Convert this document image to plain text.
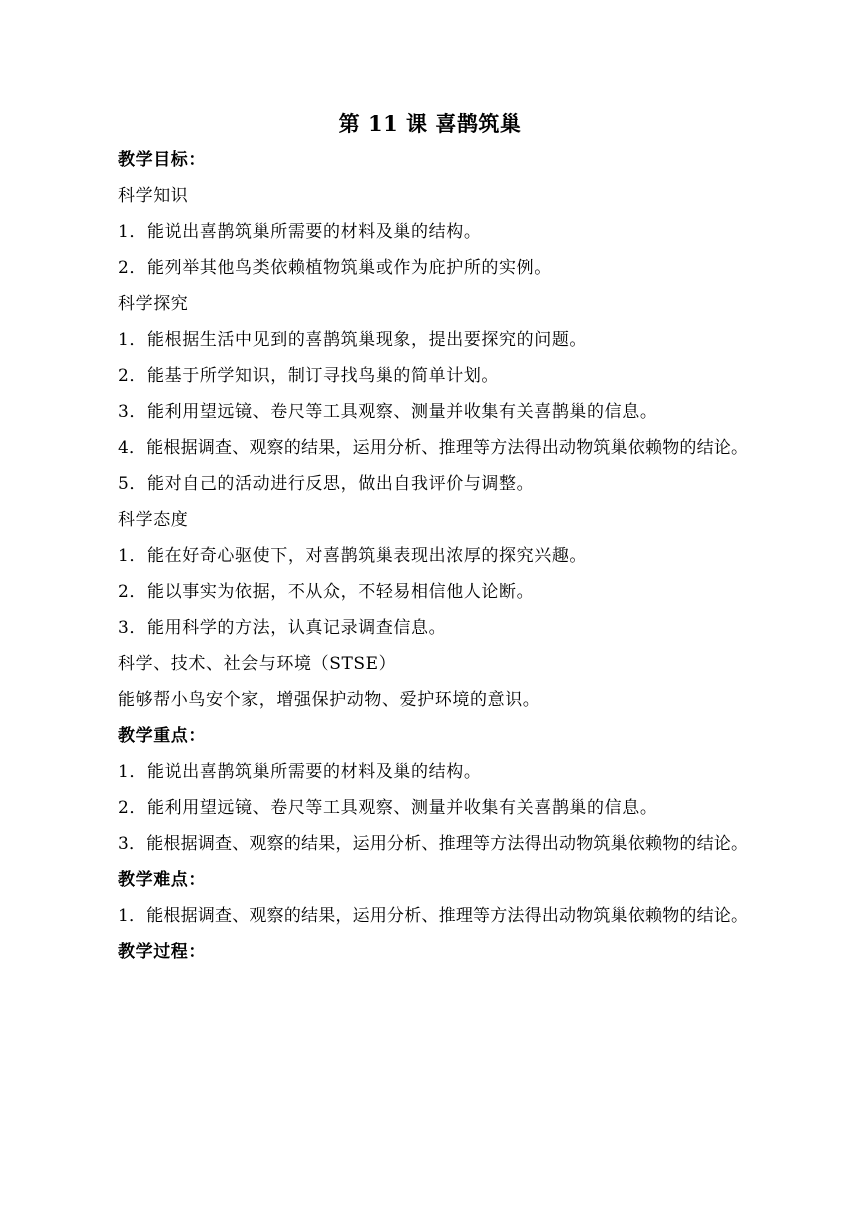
第 11 课 喜鹊筑巢

教学目标：

科学知识

1．能说出喜鹊筑巢所需要的材料及巢的结构。

2．能列举其他鸟类依赖植物筑巢或作为庇护所的实例。

科学探究

1．能根据生活中见到的喜鹊筑巢现象，提出要探究的问题。

2．能基于所学知识，制订寻找鸟巢的简单计划。

3．能利用望远镜、卷尺等工具观察、测量并收集有关喜鹊巢的信息。

4．能根据调查、观察的结果，运用分析、推理等方法得出动物筑巢依赖物的结论。

5．能对自己的活动进行反思，做出自我评价与调整。

科学态度

1．能在好奇心驱使下，对喜鹊筑巢表现出浓厚的探究兴趣。

2．能以事实为依据，不从众，不轻易相信他人论断。

3．能用科学的方法，认真记录调查信息。

科学、技术、社会与环境（STSE）

能够帮小鸟安个家，增强保护动物、爱护环境的意识。

教学重点：

1．能说出喜鹊筑巢所需要的材料及巢的结构。

2．能利用望远镜、卷尺等工具观察、测量并收集有关喜鹊巢的信息。

3．能根据调查、观察的结果，运用分析、推理等方法得出动物筑巢依赖物的结论。

教学难点：

1．能根据调查、观察的结果，运用分析、推理等方法得出动物筑巢依赖物的结论。

教学过程：
